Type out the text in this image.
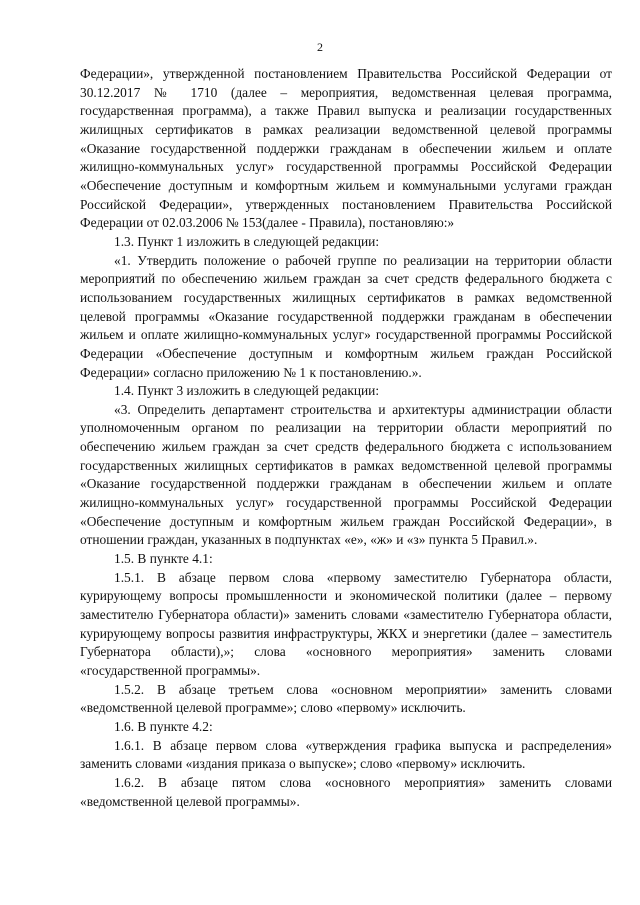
2

Федерации», утвержденной постановлением Правительства Российской Федерации от 30.12.2017 № 1710 (далее – мероприятия, ведомственная целевая программа, государственная программа), а также Правил выпуска и реализации государственных жилищных сертификатов в рамках реализации ведомственной целевой программы «Оказание государственной поддержки гражданам в обеспечении жильем и оплате жилищно-коммунальных услуг» государственной программы Российской Федерации «Обеспечение доступным и комфортным жильем и коммунальными услугами граждан Российской Федерации», утвержденных постановлением Правительства Российской Федерации от 02.03.2006 № 153(далее - Правила), постановляю:»

1.3. Пункт 1 изложить в следующей редакции:

«1. Утвердить положение о рабочей группе по реализации на территории области мероприятий по обеспечению жильем граждан за счет средств федерального бюджета с использованием государственных жилищных сертификатов в рамках ведомственной целевой программы «Оказание государственной поддержки гражданам в обеспечении жильем и оплате жилищно-коммунальных услуг» государственной программы Российской Федерации «Обеспечение доступным и комфортным жильем граждан Российской Федерации» согласно приложению № 1 к постановлению.».

1.4. Пункт 3 изложить в следующей редакции:

«3. Определить департамент строительства и архитектуры администрации области уполномоченным органом по реализации на территории области мероприятий по обеспечению жильем граждан за счет средств федерального бюджета с использованием государственных жилищных сертификатов в рамках ведомственной целевой программы «Оказание государственной поддержки гражданам в обеспечении жильем и оплате жилищно-коммунальных услуг» государственной программы Российской Федерации «Обеспечение доступным и комфортным жильем граждан Российской Федерации», в отношении граждан, указанных в подпунктах «е», «ж» и «з» пункта 5 Правил.».

1.5. В пункте 4.1:

1.5.1. В абзаце первом слова «первому заместителю Губернатора области, курирующему вопросы промышленности и экономической политики (далее – первому заместителю Губернатора области)» заменить словами «заместителю Губернатора области, курирующему вопросы развития инфраструктуры, ЖКХ и энергетики (далее – заместитель Губернатора области),»; слова «основного мероприятия» заменить словами «государственной программы».

1.5.2. В абзаце третьем слова «основном мероприятии» заменить словами «ведомственной целевой программе»; слово «первому» исключить.

1.6. В пункте 4.2:

1.6.1. В абзаце первом слова «утверждения графика выпуска и распределения» заменить словами «издания приказа о выпуске»; слово «первому» исключить.

1.6.2. В абзаце пятом слова «основного мероприятия» заменить словами «ведомственной целевой программы».
